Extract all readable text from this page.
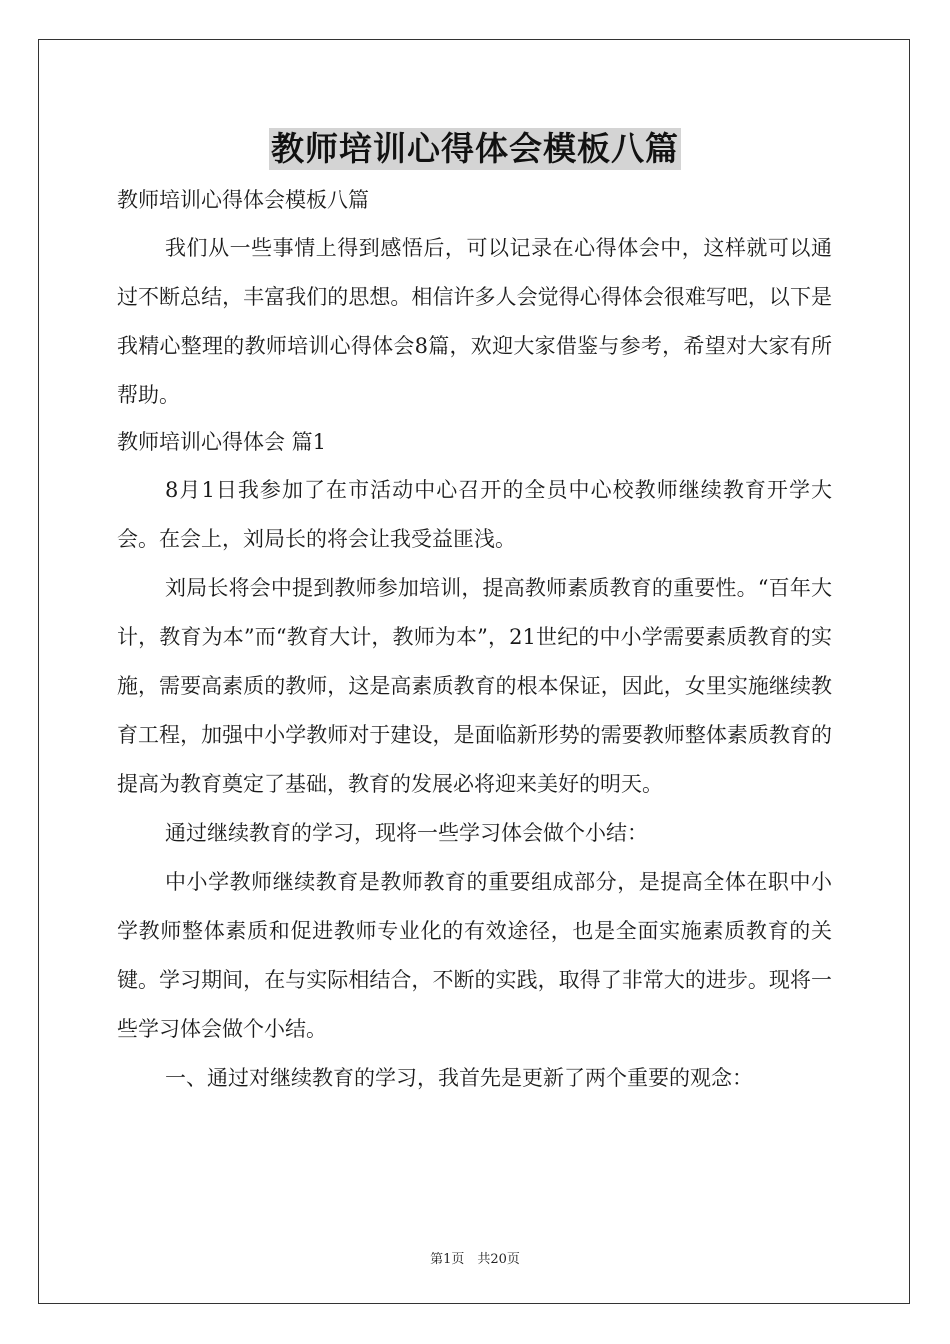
教师培训心得体会模板八篇

教师培训心得体会模板八篇

我们从一些事情上得到感悟后，可以记录在心得体会中，这样就可以通过不断总结，丰富我们的思想。相信许多人会觉得心得体会很难写吧，以下是我精心整理的教师培训心得体会8篇，欢迎大家借鉴与参考，希望对大家有所帮助。

教师培训心得体会 篇1

8月1日我参加了在市活动中心召开的全员中心校教师继续教育开学大会。在会上，刘局长的将会让我受益匪浅。

刘局长将会中提到教师参加培训，提高教师素质教育的重要性。“百年大计，教育为本”而“教育大计，教师为本”，21世纪的中小学需要素质教育的实施，需要高素质的教师，这是高素质教育的根本保证，因此，女里实施继续教育工程，加强中小学教师对于建设，是面临新形势的需要教师整体素质教育的提高为教育奠定了基础，教育的发展必将迎来美好的明天。

通过继续教育的学习，现将一些学习体会做个小结：

中小学教师继续教育是教师教育的重要组成部分，是提高全体在职中小学教师整体素质和促进教师专业化的有效途径，也是全面实施素质教育的关键。学习期间，在与实际相结合，不断的实践，取得了非常大的进步。现将一些学习体会做个小结。

一、通过对继续教育的学习，我首先是更新了两个重要的观念：

第1页　共20页
